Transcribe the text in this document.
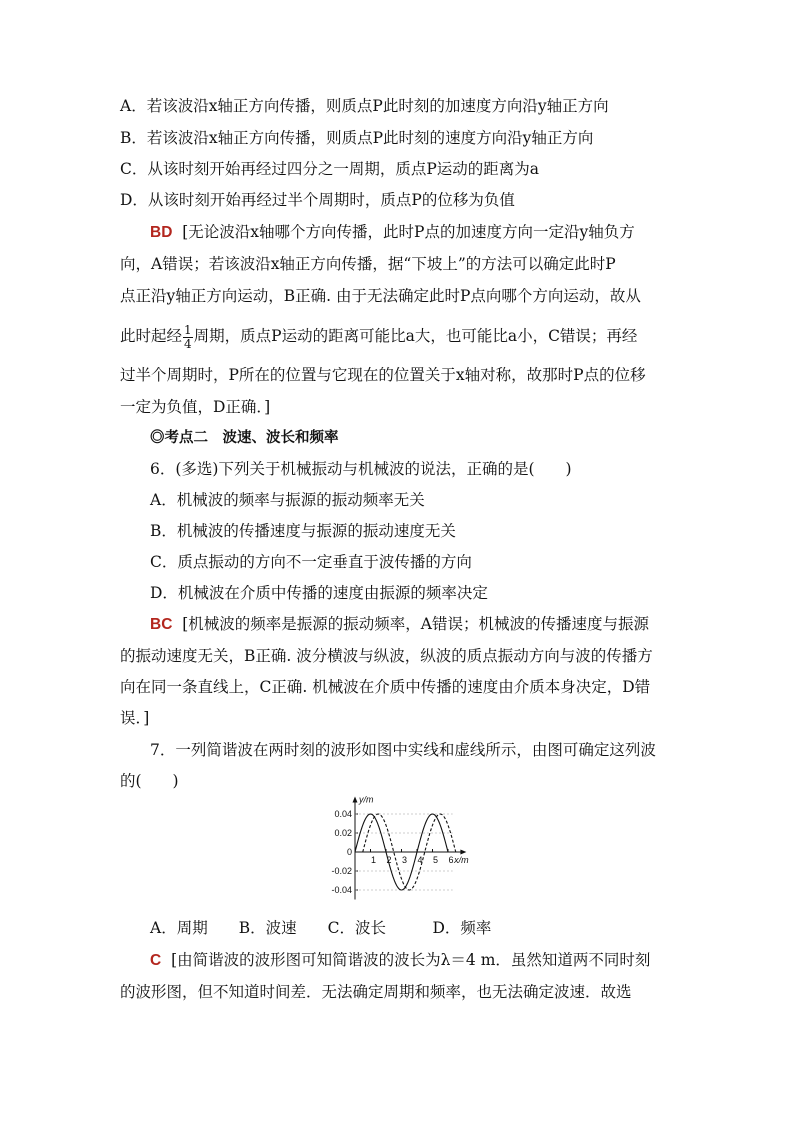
A．若该波沿x轴正方向传播，则质点P此时刻的加速度方向沿y轴正方向
B．若该波沿x轴正方向传播，则质点P此时刻的速度方向沿y轴正方向
C．从该时刻开始再经过四分之一周期，质点P运动的距离为a
D．从该时刻开始再经过半个周期时，质点P的位移为负值
BD [无论波沿x轴哪个方向传播，此时P点的加速度方向一定沿y轴负方
向，A错误；若该波沿x轴正方向传播，据“下坡上”的方法可以确定此时P
点正沿y轴正方向运动，B正确. 由于无法确定此时P点向哪个方向运动，故从
此时起经 $\frac{1}{4}$ 周期，质点P运动的距离可能比a大，也可能比a小，C错误；再经
过半个周期时，P所在的位置与它现在的位置关于x轴对称，故那时P点的位移
一定为负值，D正确．]
◎考点二　波速、波长和频率
6．(多选)下列关于机械振动与机械波的说法，正确的是(　　)
A．机械波的频率与振源的振动频率无关
B．机械波的传播速度与振源的振动速度无关
C．质点振动的方向不一定垂直于波传播的方向
D．机械波在介质中传播的速度由振源的频率决定
BC [机械波的频率是振源的振动频率，A错误；机械波的传播速度与振源
的振动速度无关，B正确. 波分横波与纵波，纵波的质点振动方向与波的传播方
向在同一条直线上，C正确. 机械波在介质中传播的速度由介质本身决定，D错
误．]
7．一列简谐波在两时刻的波形如图中实线和虚线所示，由图可确定这列波
的(　　)
0.04
0.02
0
-0.02
-0.04
1 2 3 4 5 6 x/m
y/m
A．周期　　B．波速　　C．波长　　　D．频率
C [由简谐波的波形图可知简谐波的波长为λ＝4 m．虽然知道两不同时刻
的波形图，但不知道时间差．无法确定周期和频率，也无法确定波速．故选
